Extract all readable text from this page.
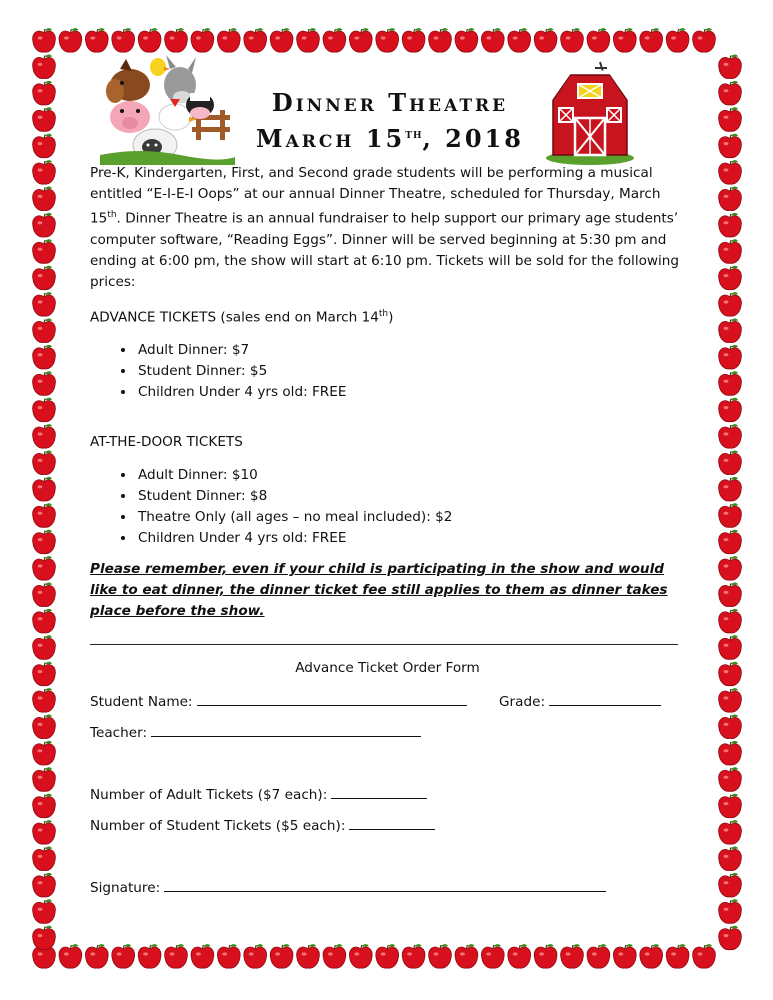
Dinner Theatre
March 15th, 2018
Pre-K, Kindergarten, First, and Second grade students will be performing a musical entitled “E-I-E-I Oops” at our annual Dinner Theatre, scheduled for Thursday, March 15th. Dinner Theatre is an annual fundraiser to help support our primary age students’ computer software, “Reading Eggs”. Dinner will be served beginning at 5:30 pm and ending at 6:00 pm, the show will start at 6:10 pm. Tickets will be sold for the following prices:
ADVANCE TICKETS (sales end on March 14th)
• Adult Dinner: $7
• Student Dinner: $5
• Children Under 4 yrs old: FREE
AT-THE-DOOR TICKETS
• Adult Dinner: $10
• Student Dinner: $8
• Theatre Only (all ages – no meal included): $2
• Children Under 4 yrs old: FREE
Please remember, even if your child is participating in the show and would like to eat dinner, the dinner ticket fee still applies to them as dinner takes place before the show.
Advance Ticket Order Form
Student Name:	Grade:
Teacher:
Number of Adult Tickets ($7 each):
Number of Student Tickets ($5 each):
Signature:
